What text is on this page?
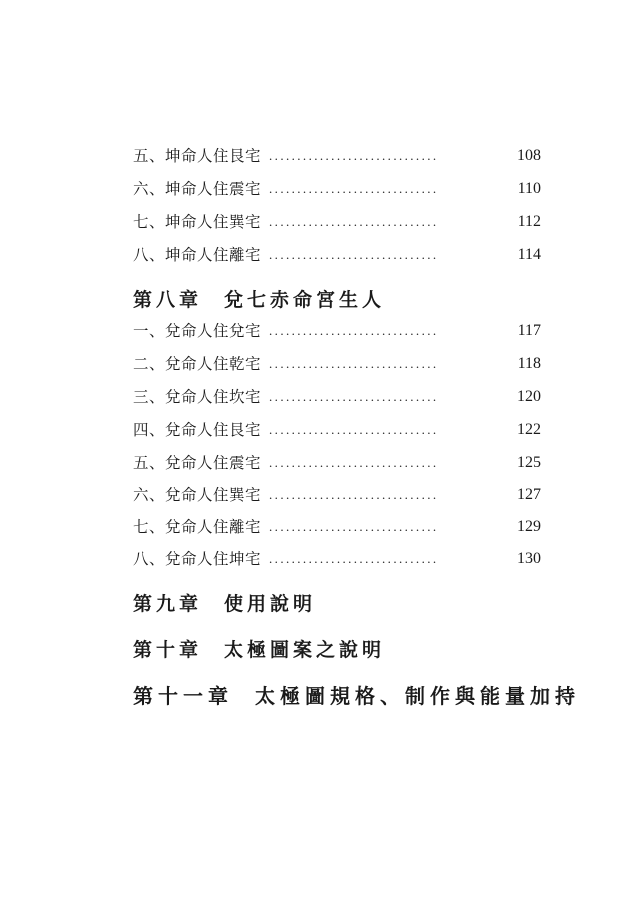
五、坤命人住艮宅 ..............................	108
六、坤命人住震宅 ..............................	110
七、坤命人住巽宅 ..............................	112
八、坤命人住離宅 ..............................	114
第八章 兌七赤命宮生人
一、兌命人住兌宅 ..............................	117
二、兌命人住乾宅 ..............................	118
三、兌命人住坎宅 ..............................	120
四、兌命人住艮宅 ..............................	122
五、兌命人住震宅 ..............................	125
六、兌命人住巽宅 ..............................	127
七、兌命人住離宅 ..............................	129
八、兌命人住坤宅 ..............................	130
第九章 使用說明
第十章 太極圖案之說明
第十一章 太極圖規格、制作與能量加持
